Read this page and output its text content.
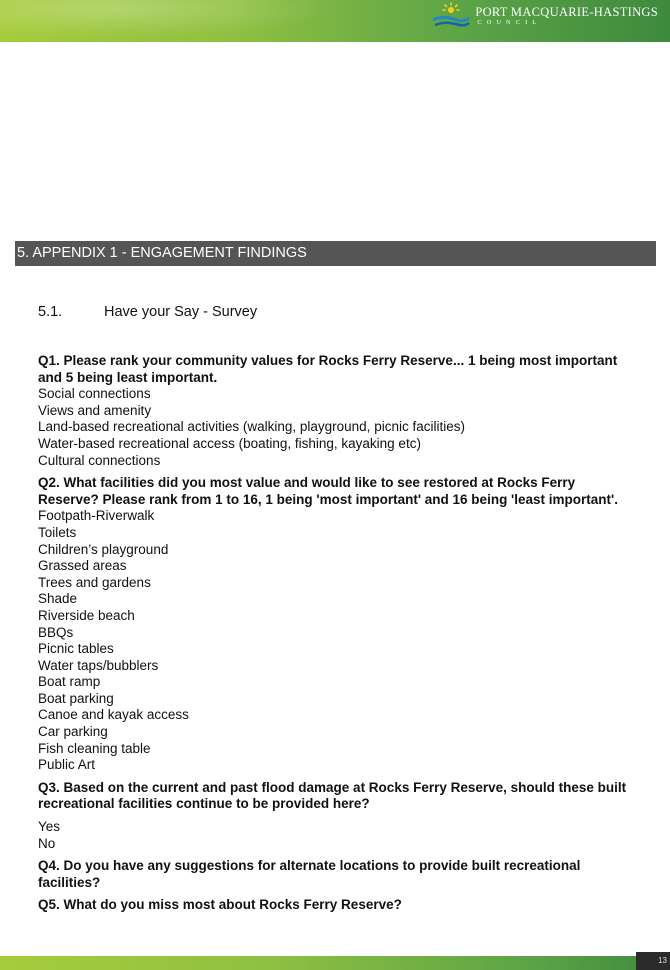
PORT MACQUARIE-HASTINGS
COUNCIL
5. APPENDIX 1 - ENGAGEMENT FINDINGS
5.1.	Have your Say - Survey
Q1. Please rank your community values for Rocks Ferry Reserve... 1 being most important and 5 being least important.
Social connections
Views and amenity
Land-based recreational activities (walking, playground, picnic facilities)
Water-based recreational access (boating, fishing, kayaking etc)
Cultural connections
Q2. What facilities did you most value and would like to see restored at Rocks Ferry Reserve? Please rank from 1 to 16, 1 being 'most important' and 16 being 'least important'.
Footpath-Riverwalk
Toilets
Children’s playground
Grassed areas
Trees and gardens
Shade
Riverside beach
BBQs
Picnic tables
Water taps/bubblers
Boat ramp
Boat parking
Canoe and kayak access
Car parking
Fish cleaning table
Public Art
Q3. Based on the current and past flood damage at Rocks Ferry Reserve, should these built recreational facilities continue to be provided here?
Yes
No
Q4. Do you have any suggestions for alternate locations to provide built recreational facilities?
Q5. What do you miss most about Rocks Ferry Reserve?
13
